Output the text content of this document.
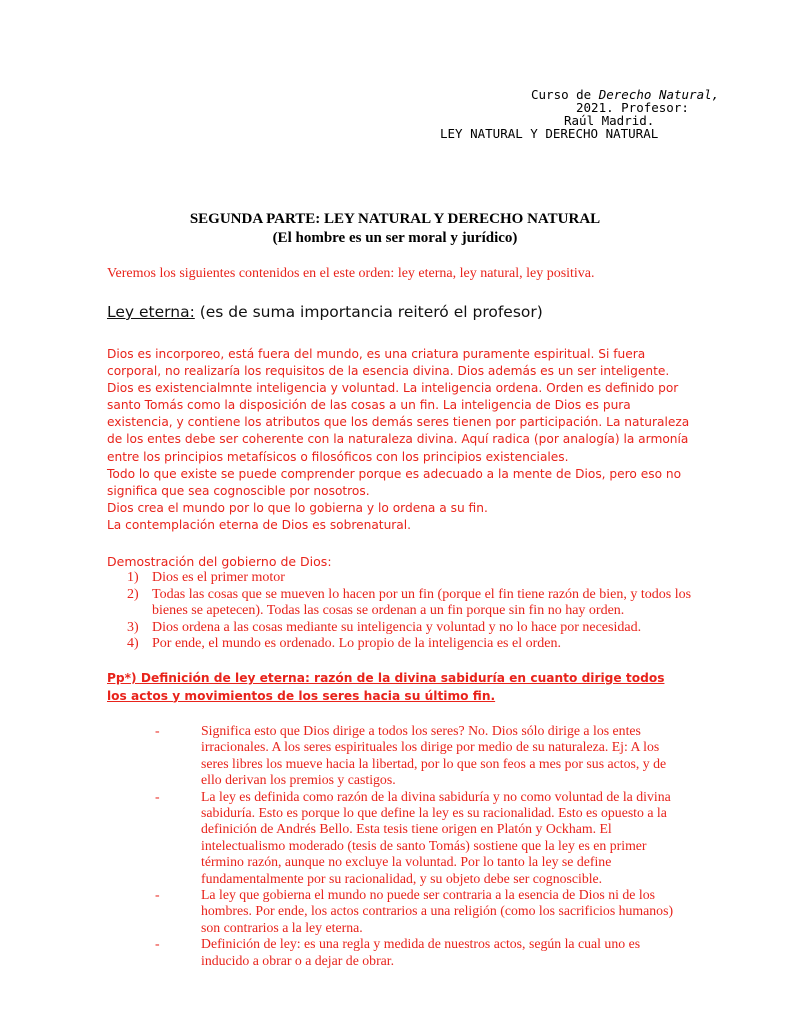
Curso de Derecho Natural,
2021. Profesor:
Raúl Madrid.
LEY NATURAL Y DERECHO NATURAL
SEGUNDA PARTE: LEY NATURAL Y DERECHO NATURAL
(El hombre es un ser moral y jurídico)
Veremos los siguientes contenidos en el este orden: ley eterna, ley natural, ley positiva.
Ley eterna: (es de suma importancia reiteró el profesor)

Dios es incorporeo, está fuera del mundo, es una criatura puramente espiritual. Si fuera corporal, no realizaría los requisitos de la esencia divina. Dios además es un ser inteligente. Dios es existencialmnte inteligencia y voluntad. La inteligencia ordena. Orden es definido por santo Tomás como la disposición de las cosas a un fin. La inteligencia de Dios es pura existencia, y contiene los atributos que los demás seres tienen por participación. La naturaleza de los entes debe ser coherente con la naturaleza divina. Aquí radica (por analogía) la armonía entre los principios metafísicos o filosóficos con los principios existenciales.

Todo lo que existe se puede comprender porque es adecuado a la mente de Dios, pero eso no significa que sea cognoscible por nosotros.

Dios crea el mundo por lo que lo gobierna y lo ordena a su fin.

La contemplación eterna de Dios es sobrenatural.

Demostración del gobierno de Dios:
1) Dios es el primer motor
2) Todas las cosas que se mueven lo hacen por un fin (porque el fin tiene razón de bien, y todos los bienes se apetecen). Todas las cosas se ordenan a un fin porque sin fin no hay orden.
3) Dios ordena a las cosas mediante su inteligencia y voluntad y no lo hace por necesidad.
4) Por ende, el mundo es ordenado. Lo propio de la inteligencia es el orden.
Pp*) Definición de ley eterna: razón de la divina sabiduría en cuanto dirige todos los actos y movimientos de los seres hacia su último fin.
-	Significa esto que Dios dirige a todos los seres? No. Dios sólo dirige a los entes irracionales. A los seres espirituales los dirige por medio de su naturaleza. Ej: A los seres libres los mueve hacia la libertad, por lo que son feos a mes por sus actos, y de ello derivan los premios y castigos.
-	La ley es definida como razón de la divina sabiduría y no como voluntad de la divina sabiduría. Esto es porque lo que define la ley es su racionalidad. Esto es opuesto a la definición de Andrés Bello. Esta tesis tiene origen en Platón y Ockham. El intelectualismo moderado (tesis de santo Tomás) sostiene que la ley es en primer término razón, aunque no excluye la voluntad. Por lo tanto la ley se define fundamentalmente por su racionalidad, y su objeto debe ser cognoscible.
-	La ley que gobierna el mundo no puede ser contraria a la esencia de Dios ni de los hombres. Por ende, los actos contrarios a una religión (como los sacrificios humanos) son contrarios a la ley eterna.
-	Definición de ley: es una regla y medida de nuestros actos, según la cual uno es inducido a obrar o a dejar de obrar.
